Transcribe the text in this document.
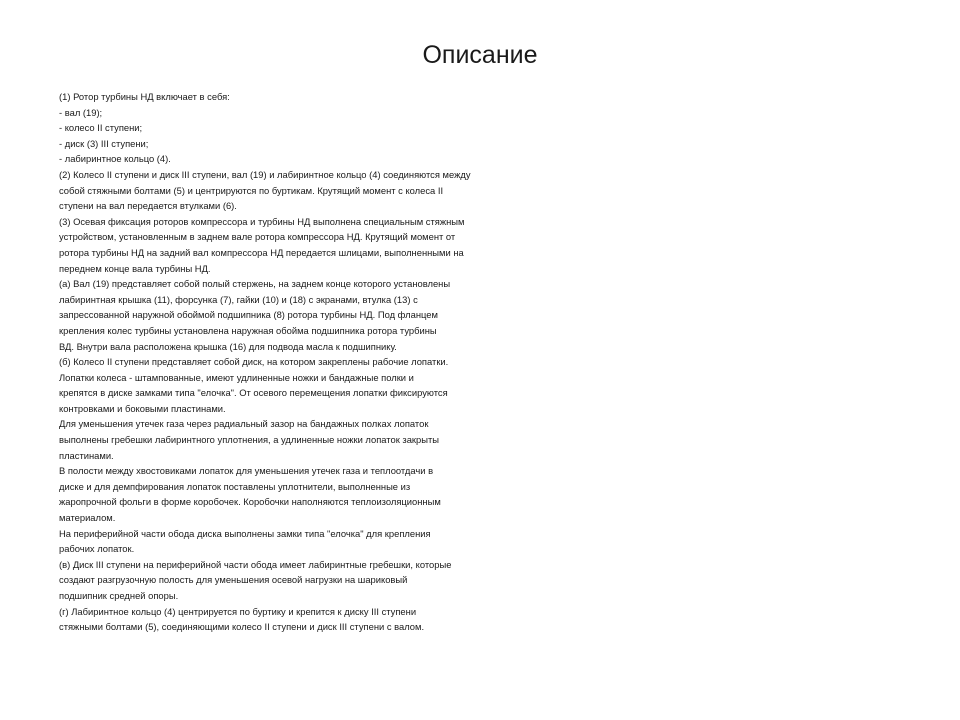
Описание
(1) Ротор турбины НД включает в себя:
- вал (19);
- колесо II ступени;
- диск (3) III ступени;
- лабиринтное кольцо (4).
(2) Колесо II ступени и диск III ступени, вал (19) и лабиринтное кольцо (4) соединяются между
собой стяжными болтами (5) и центрируются по буртикам. Крутящий момент с колеса II
ступени на вал передается втулками (6).
(3) Осевая фиксация роторов компрессора и турбины НД выполнена специальным стяжным
устройством, установленным в заднем вале ротора компрессора НД. Крутящий момент от
ротора турбины НД на задний вал компрессора НД передается шлицами, выполненными на
переднем конце вала турбины НД.
(а) Вал (19) представляет собой полый стержень, на заднем конце которого установлены
лабиринтная крышка (11), форсунка (7), гайки (10) и (18) с экранами, втулка (13) с
запрессованной наружной обоймой подшипника (8) ротора турбины НД. Под фланцем
крепления колес турбины установлена наружная обойма подшипника ротора турбины
ВД. Внутри вала расположена крышка (16) для подвода масла к подшипнику.
(б) Колесо II ступени представляет собой диск, на котором закреплены рабочие лопатки.
Лопатки колеса - штампованные, имеют удлиненные ножки и бандажные полки и
крепятся в диске замками типа "елочка". От осевого перемещения лопатки фиксируются
контровками и боковыми пластинами.
Для уменьшения утечек газа через радиальный зазор на бандажных полках лопаток
выполнены гребешки лабиринтного уплотнения, а удлиненные ножки лопаток закрыты
пластинами.
В полости между хвостовиками лопаток для уменьшения утечек газа и теплоотдачи в
диске и для демпфирования лопаток поставлены уплотнители, выполненные из
жаропрочной фольги в форме коробочек. Коробочки наполняются теплоизоляционным
материалом.
На периферийной части обода диска выполнены замки типа "елочка" для крепления
рабочих лопаток.
(в) Диск III ступени на периферийной части обода имеет лабиринтные гребешки, которые
создают разгрузочную полость для уменьшения осевой нагрузки на шариковый
подшипник средней опоры.
(г) Лабиринтное кольцо (4) центрируется по буртику и крепится к диску III ступени
стяжными болтами (5), соединяющими колесо II ступени и диск III ступени с валом.
